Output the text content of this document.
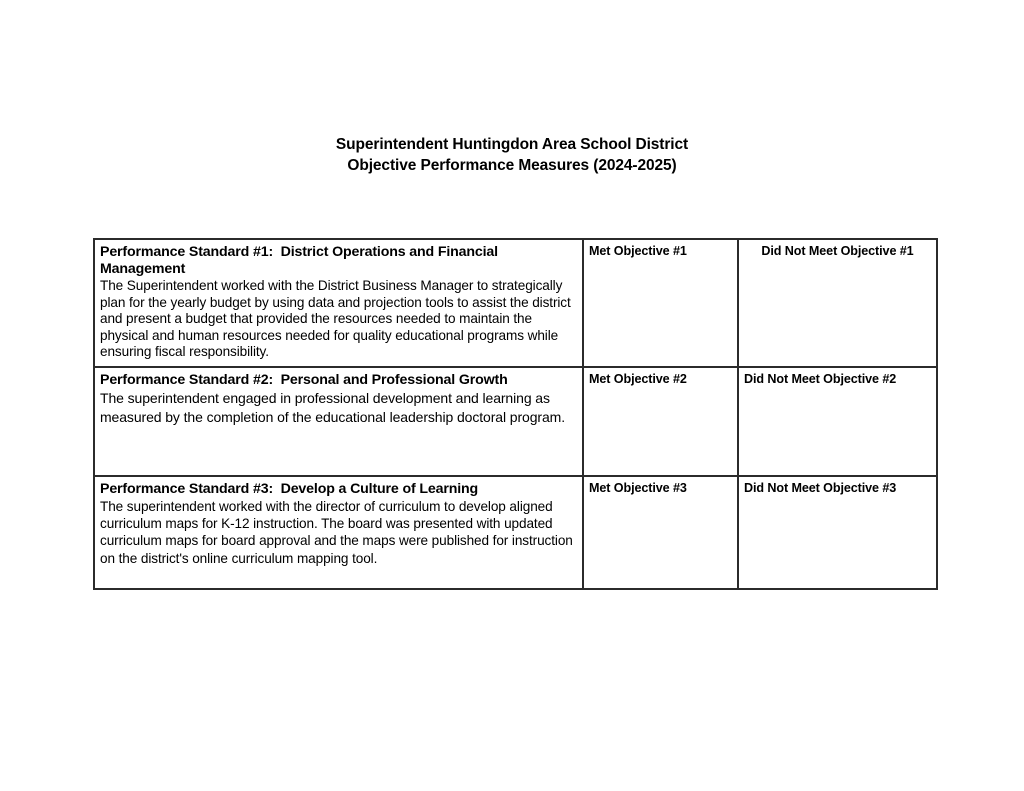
Superintendent Huntingdon Area School District
Objective Performance Measures (2024-2025)
Performance Standard #1:  District Operations and Financial Management
The Superintendent worked with the District Business Manager to strategically plan for the yearly budget by using data and projection tools to assist the district and present a budget that provided the resources needed to maintain the physical and human resources needed for quality educational programs while ensuring fiscal responsibility.	Met Objective #1	Did Not Meet Objective #1

Performance Standard #2:  Personal and Professional Growth
The superintendent engaged in professional development and learning as measured by the completion of the educational leadership doctoral program.	Met Objective #2	Did Not Meet Objective #2

Performance Standard #3:  Develop a Culture of Learning
The superintendent worked with the director of curriculum to develop aligned curriculum maps for K-12 instruction. The board was presented with updated curriculum maps for board approval and the maps were published for instruction on the district's online curriculum mapping tool.	Met Objective #3	Did Not Meet Objective #3
